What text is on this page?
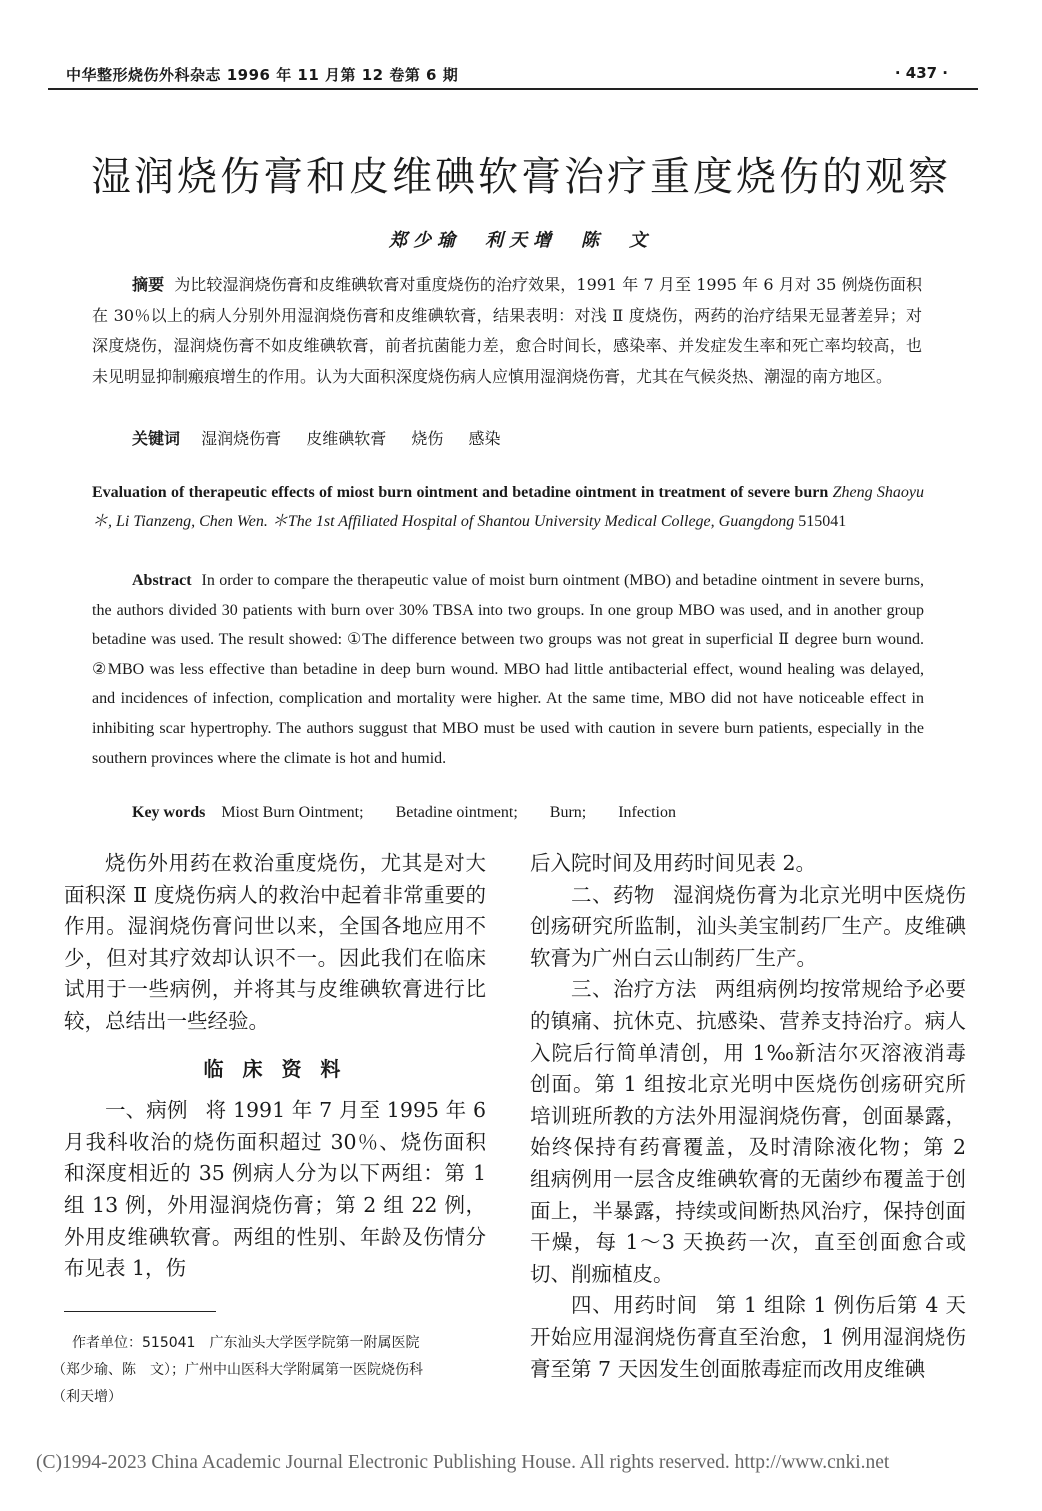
中华整形烧伤外科杂志 1996 年 11 月第 12 卷第 6 期	· 437 ·
湿润烧伤膏和皮维碘软膏治疗重度烧伤的观察
郑少瑜　利天增　陈　文
摘要 为比较湿润烧伤膏和皮维碘软膏对重度烧伤的治疗效果，1991 年 7 月至 1995 年 6 月对 35 例烧伤面积在 30％以上的病人分别外用湿润烧伤膏和皮维碘软膏，结果表明：对浅 Ⅱ 度烧伤，两药的治疗结果无显著差异；对深度烧伤，湿润烧伤膏不如皮维碘软膏，前者抗菌能力差，愈合时间长，感染率、并发症发生率和死亡率均较高，也未见明显抑制瘢痕增生的作用。认为大面积深度烧伤病人应慎用湿润烧伤膏，尤其在气候炎热、潮湿的南方地区。
关键词 湿润烧伤膏 皮维碘软膏 烧伤 感染
Evaluation of therapeutic effects of miost burn ointment and betadine ointment in treatment of severe burn Zheng Shaoyu＊, Li Tianzeng, Chen Wen. ＊The 1st Affiliated Hospital of Shantou University Medical College, Guangdong 515041
Abstract In order to compare the therapeutic value of moist burn ointment (MBO) and betadine ointment in severe burns, the authors divided 30 patients with burn over 30% TBSA into two groups. In one group MBO was used, and in another group betadine was used. The result showed: ①The difference between two groups was not great in superficial Ⅱ degree burn wound. ②MBO was less effective than betadine in deep burn wound. MBO had little antibacterial effect, wound healing was delayed, and incidences of infection, complication and mortality were higher. At the same time, MBO did not have noticeable effect in inhibiting scar hypertrophy. The authors suggust that MBO must be used with caution in severe burn patients, especially in the southern provinces where the climate is hot and humid.
Key words Miost Burn Ointment; Betadine ointment; Burn; Infection

烧伤外用药在救治重度烧伤，尤其是对大面积深 Ⅱ 度烧伤病人的救治中起着非常重要的作用。湿润烧伤膏问世以来，全国各地应用不少，但对其疗效却认识不一。因此我们在临床试用于一些病例，并将其与皮维碘软膏进行比较，总结出一些经验。

临 床 资 料

一、病例 将 1991 年 7 月至 1995 年 6 月我科收治的烧伤面积超过 30％、烧伤面积和深度相近的 35 例病人分为以下两组：第 1 组 13 例，外用湿润烧伤膏；第 2 组 22 例，外用皮维碘软膏。两组的性别、年龄及伤情分布见表 1，伤

后入院时间及用药时间见表 2。

二、药物 湿润烧伤膏为北京光明中医烧伤创疡研究所监制，汕头美宝制药厂生产。皮维碘软膏为广州白云山制药厂生产。

三、治疗方法 两组病例均按常规给予必要的镇痛、抗休克、抗感染、营养支持治疗。病人入院后行简单清创，用 1‰新洁尔灭溶液消毒创面。第 1 组按北京光明中医烧伤创疡研究所培训班所教的方法外用湿润烧伤膏，创面暴露，始终保持有药膏覆盖，及时清除液化物；第 2 组病例用一层含皮维碘软膏的无菌纱布覆盖于创面上，半暴露，持续或间断热风治疗，保持创面干燥，每 1～3 天换药一次，直至创面愈合或切、削痂植皮。

四、用药时间 第 1 组除 1 例伤后第 4 天开始应用湿润烧伤膏直至治愈，1 例用湿润烧伤膏至第 7 天因发生创面脓毒症而改用皮维碘

作者单位：515041　广东汕头大学医学院第一附属医院
（郑少瑜、陈　文）；广州中山医科大学附属第一医院烧伤科
（利天增）
(C)1994-2023 China Academic Journal Electronic Publishing House. All rights reserved. http://www.cnki.net
